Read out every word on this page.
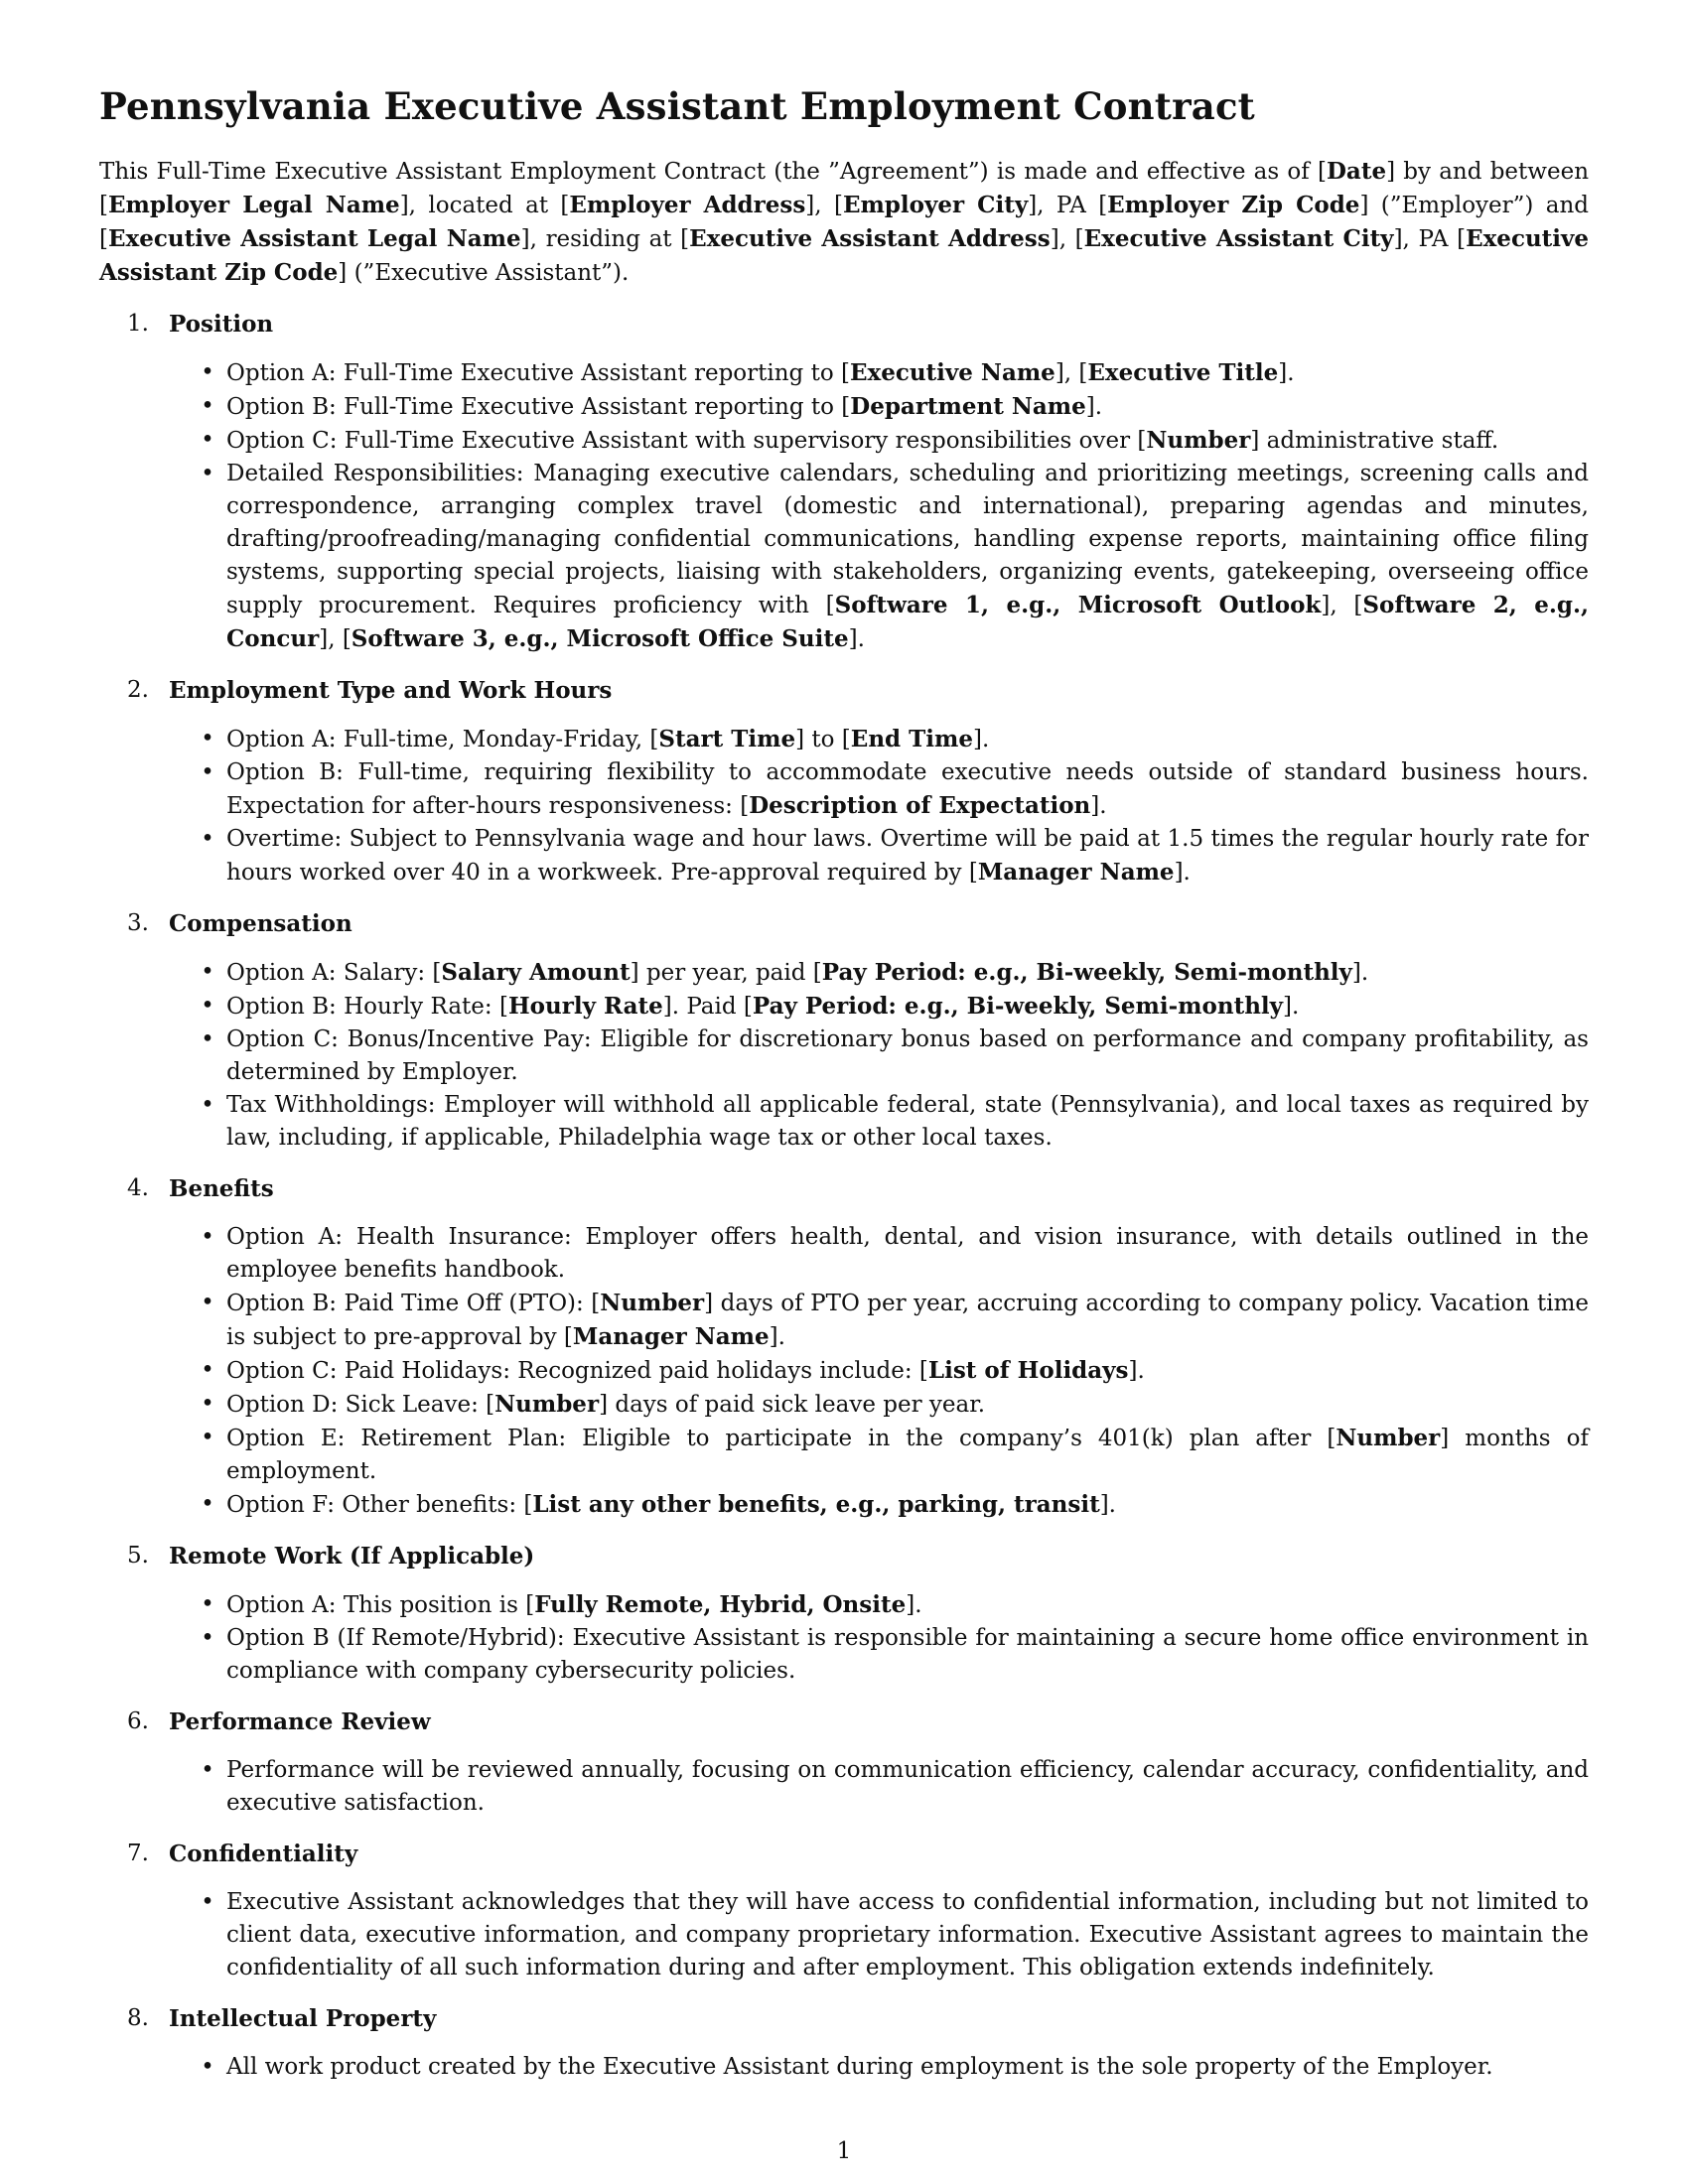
Pennsylvania Executive Assistant Employment Contract

This Full-Time Executive Assistant Employment Contract (the ”Agreement”) is made and effective as of [Date] by and between [Employer Legal Name], located at [Employer Address], [Employer City], PA [Employer Zip Code] (”Employer”) and [Executive Assistant Legal Name], residing at [Executive Assistant Address], [Executive Assistant City], PA [Executive Assistant Zip Code] (”Executive Assistant”).

1. Position
• Option A: Full-Time Executive Assistant reporting to [Executive Name], [Executive Title].
• Option B: Full-Time Executive Assistant reporting to [Department Name].
• Option C: Full-Time Executive Assistant with supervisory responsibilities over [Number] administrative staff.
• Detailed Responsibilities: Managing executive calendars, scheduling and prioritizing meetings, screening calls and correspondence, arranging complex travel (domestic and international), preparing agendas and minutes, drafting/proofreading/managing confidential communications, handling expense reports, maintaining office filing systems, supporting special projects, liaising with stakeholders, organizing events, gatekeeping, overseeing office supply procurement. Requires proficiency with [Software 1, e.g., Microsoft Outlook], [Software 2, e.g., Concur], [Software 3, e.g., Microsoft Office Suite].
2. Employment Type and Work Hours
• Option A: Full-time, Monday-Friday, [Start Time] to [End Time].
• Option B: Full-time, requiring flexibility to accommodate executive needs outside of standard business hours. Expectation for after-hours responsiveness: [Description of Expectation].
• Overtime: Subject to Pennsylvania wage and hour laws. Overtime will be paid at 1.5 times the regular hourly rate for hours worked over 40 in a workweek. Pre-approval required by [Manager Name].
3. Compensation
• Option A: Salary: [Salary Amount] per year, paid [Pay Period: e.g., Bi-weekly, Semi-monthly].
• Option B: Hourly Rate: [Hourly Rate]. Paid [Pay Period: e.g., Bi-weekly, Semi-monthly].
• Option C: Bonus/Incentive Pay: Eligible for discretionary bonus based on performance and company profitability, as determined by Employer.
• Tax Withholdings: Employer will withhold all applicable federal, state (Pennsylvania), and local taxes as required by law, including, if applicable, Philadelphia wage tax or other local taxes.
4. Benefits
• Option A: Health Insurance: Employer offers health, dental, and vision insurance, with details outlined in the employee benefits handbook.
• Option B: Paid Time Off (PTO): [Number] days of PTO per year, accruing according to company policy. Vacation time is subject to pre-approval by [Manager Name].
• Option C: Paid Holidays: Recognized paid holidays include: [List of Holidays].
• Option D: Sick Leave: [Number] days of paid sick leave per year.
• Option E: Retirement Plan: Eligible to participate in the company’s 401(k) plan after [Number] months of employment.
• Option F: Other benefits: [List any other benefits, e.g., parking, transit].
5. Remote Work (If Applicable)
• Option A: This position is [Fully Remote, Hybrid, Onsite].
• Option B (If Remote/Hybrid): Executive Assistant is responsible for maintaining a secure home office environment in compliance with company cybersecurity policies.
6. Performance Review
• Performance will be reviewed annually, focusing on communication efficiency, calendar accuracy, confidentiality, and executive satisfaction.
7. Confidentiality
• Executive Assistant acknowledges that they will have access to confidential information, including but not limited to client data, executive information, and company proprietary information. Executive Assistant agrees to maintain the confidentiality of all such information during and after employment. This obligation extends indefinitely.
8. Intellectual Property
• All work product created by the Executive Assistant during employment is the sole property of the Employer.
1
